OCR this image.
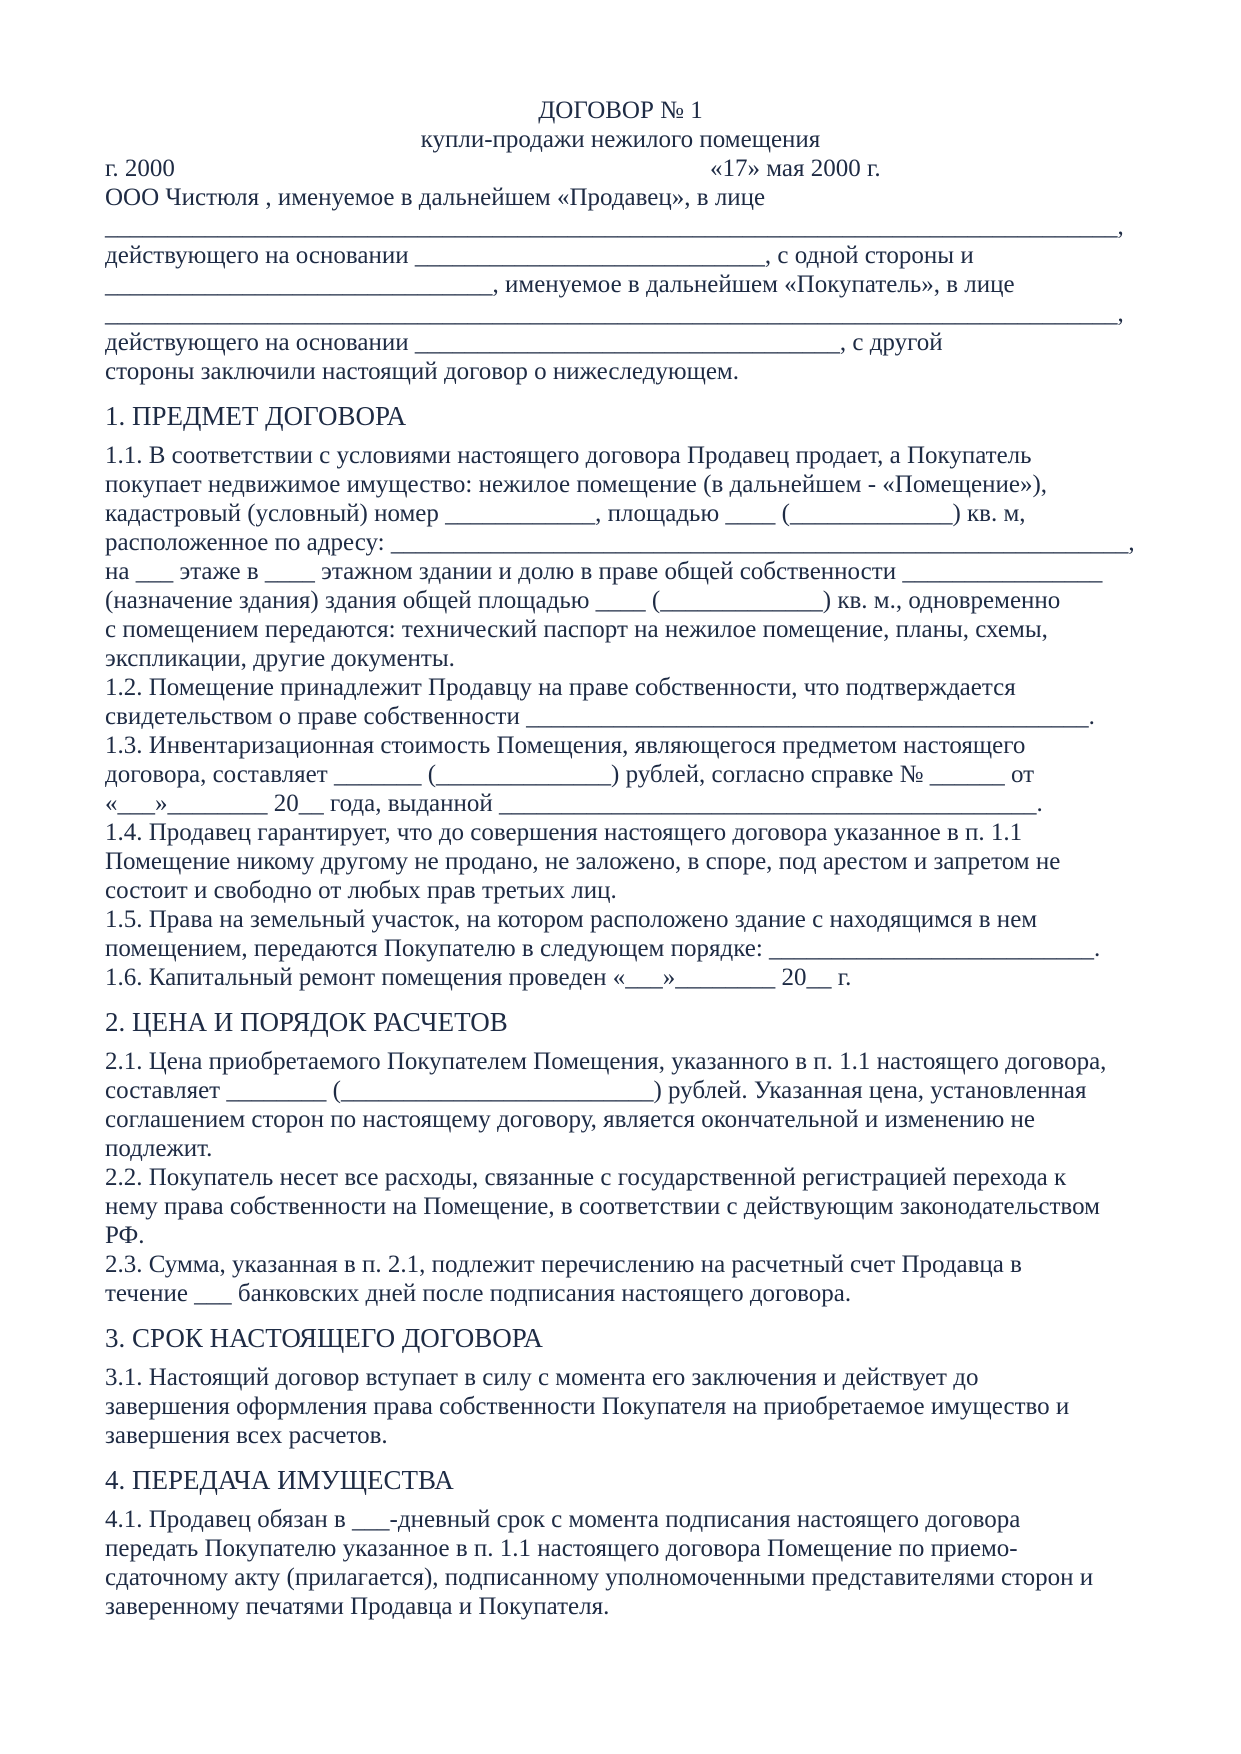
ДОГОВОР № 1
купли-продажи нежилого помещения
г. 2000	«17» мая 2000 г.
ООО Чистюля , именуемое в дальнейшем «Продавец», в лице
_________________________________________________________________________________,
действующего на основании ____________________________, с одной стороны и
_______________________________, именуемое в дальнейшем «Покупатель», в лице
_________________________________________________________________________________,
действующего на основании __________________________________, с другой
стороны заключили настоящий договор о нижеследующем.
1. ПРЕДМЕТ ДОГОВОРА
1.1. В соответствии с условиями настоящего договора Продавец продает, а Покупатель
покупает недвижимое имущество: нежилое помещение (в дальнейшем - «Помещение»),
кадастровый (условный) номер ____________, площадью ____ (_____________) кв. м,
расположенное по адресу: ___________________________________________________________,
на ___ этаже в ____ этажном здании и долю в праве общей собственности ________________
(назначение здания) здания общей площадью ____ (_____________) кв. м., одновременно
с помещением передаются: технический паспорт на нежилое помещение, планы, схемы,
экспликации, другие документы.
1.2. Помещение принадлежит Продавцу на праве собственности, что подтверждается
свидетельством о праве собственности _____________________________________________.
1.3. Инвентаризационная стоимость Помещения, являющегося предметом настоящего
договора, составляет _______ (______________) рублей, согласно справке № ______ от
«___»________ 20__ года, выданной ___________________________________________.
1.4. Продавец гарантирует, что до совершения настоящего договора указанное в п. 1.1
Помещение никому другому не продано, не заложено, в споре, под арестом и запретом не
состоит и свободно от любых прав третьих лиц.
1.5. Права на земельный участок, на котором расположено здание с находящимся в нем
помещением, передаются Покупателю в следующем порядке: __________________________.
1.6. Капитальный ремонт помещения проведен «___»________ 20__ г.
2. ЦЕНА И ПОРЯДОК РАСЧЕТОВ
2.1. Цена приобретаемого Покупателем Помещения, указанного в п. 1.1 настоящего договора,
составляет ________ (_________________________) рублей. Указанная цена, установленная
соглашением сторон по настоящему договору, является окончательной и изменению не
подлежит.
2.2. Покупатель несет все расходы, связанные с государственной регистрацией перехода к
нему права собственности на Помещение, в соответствии с действующим законодательством
РФ.
2.3. Сумма, указанная в п. 2.1, подлежит перечислению на расчетный счет Продавца в
течение ___ банковских дней после подписания настоящего договора.
3. СРОК НАСТОЯЩЕГО ДОГОВОРА
3.1. Настоящий договор вступает в силу с момента его заключения и действует до
завершения оформления права собственности Покупателя на приобретаемое имущество и
завершения всех расчетов.
4. ПЕРЕДАЧА ИМУЩЕСТВА
4.1. Продавец обязан в ___-дневный срок с момента подписания настоящего договора
передать Покупателю указанное в п. 1.1 настоящего договора Помещение по приемо-
сдаточному акту (прилагается), подписанному уполномоченными представителями сторон и
заверенному печатями Продавца и Покупателя.
